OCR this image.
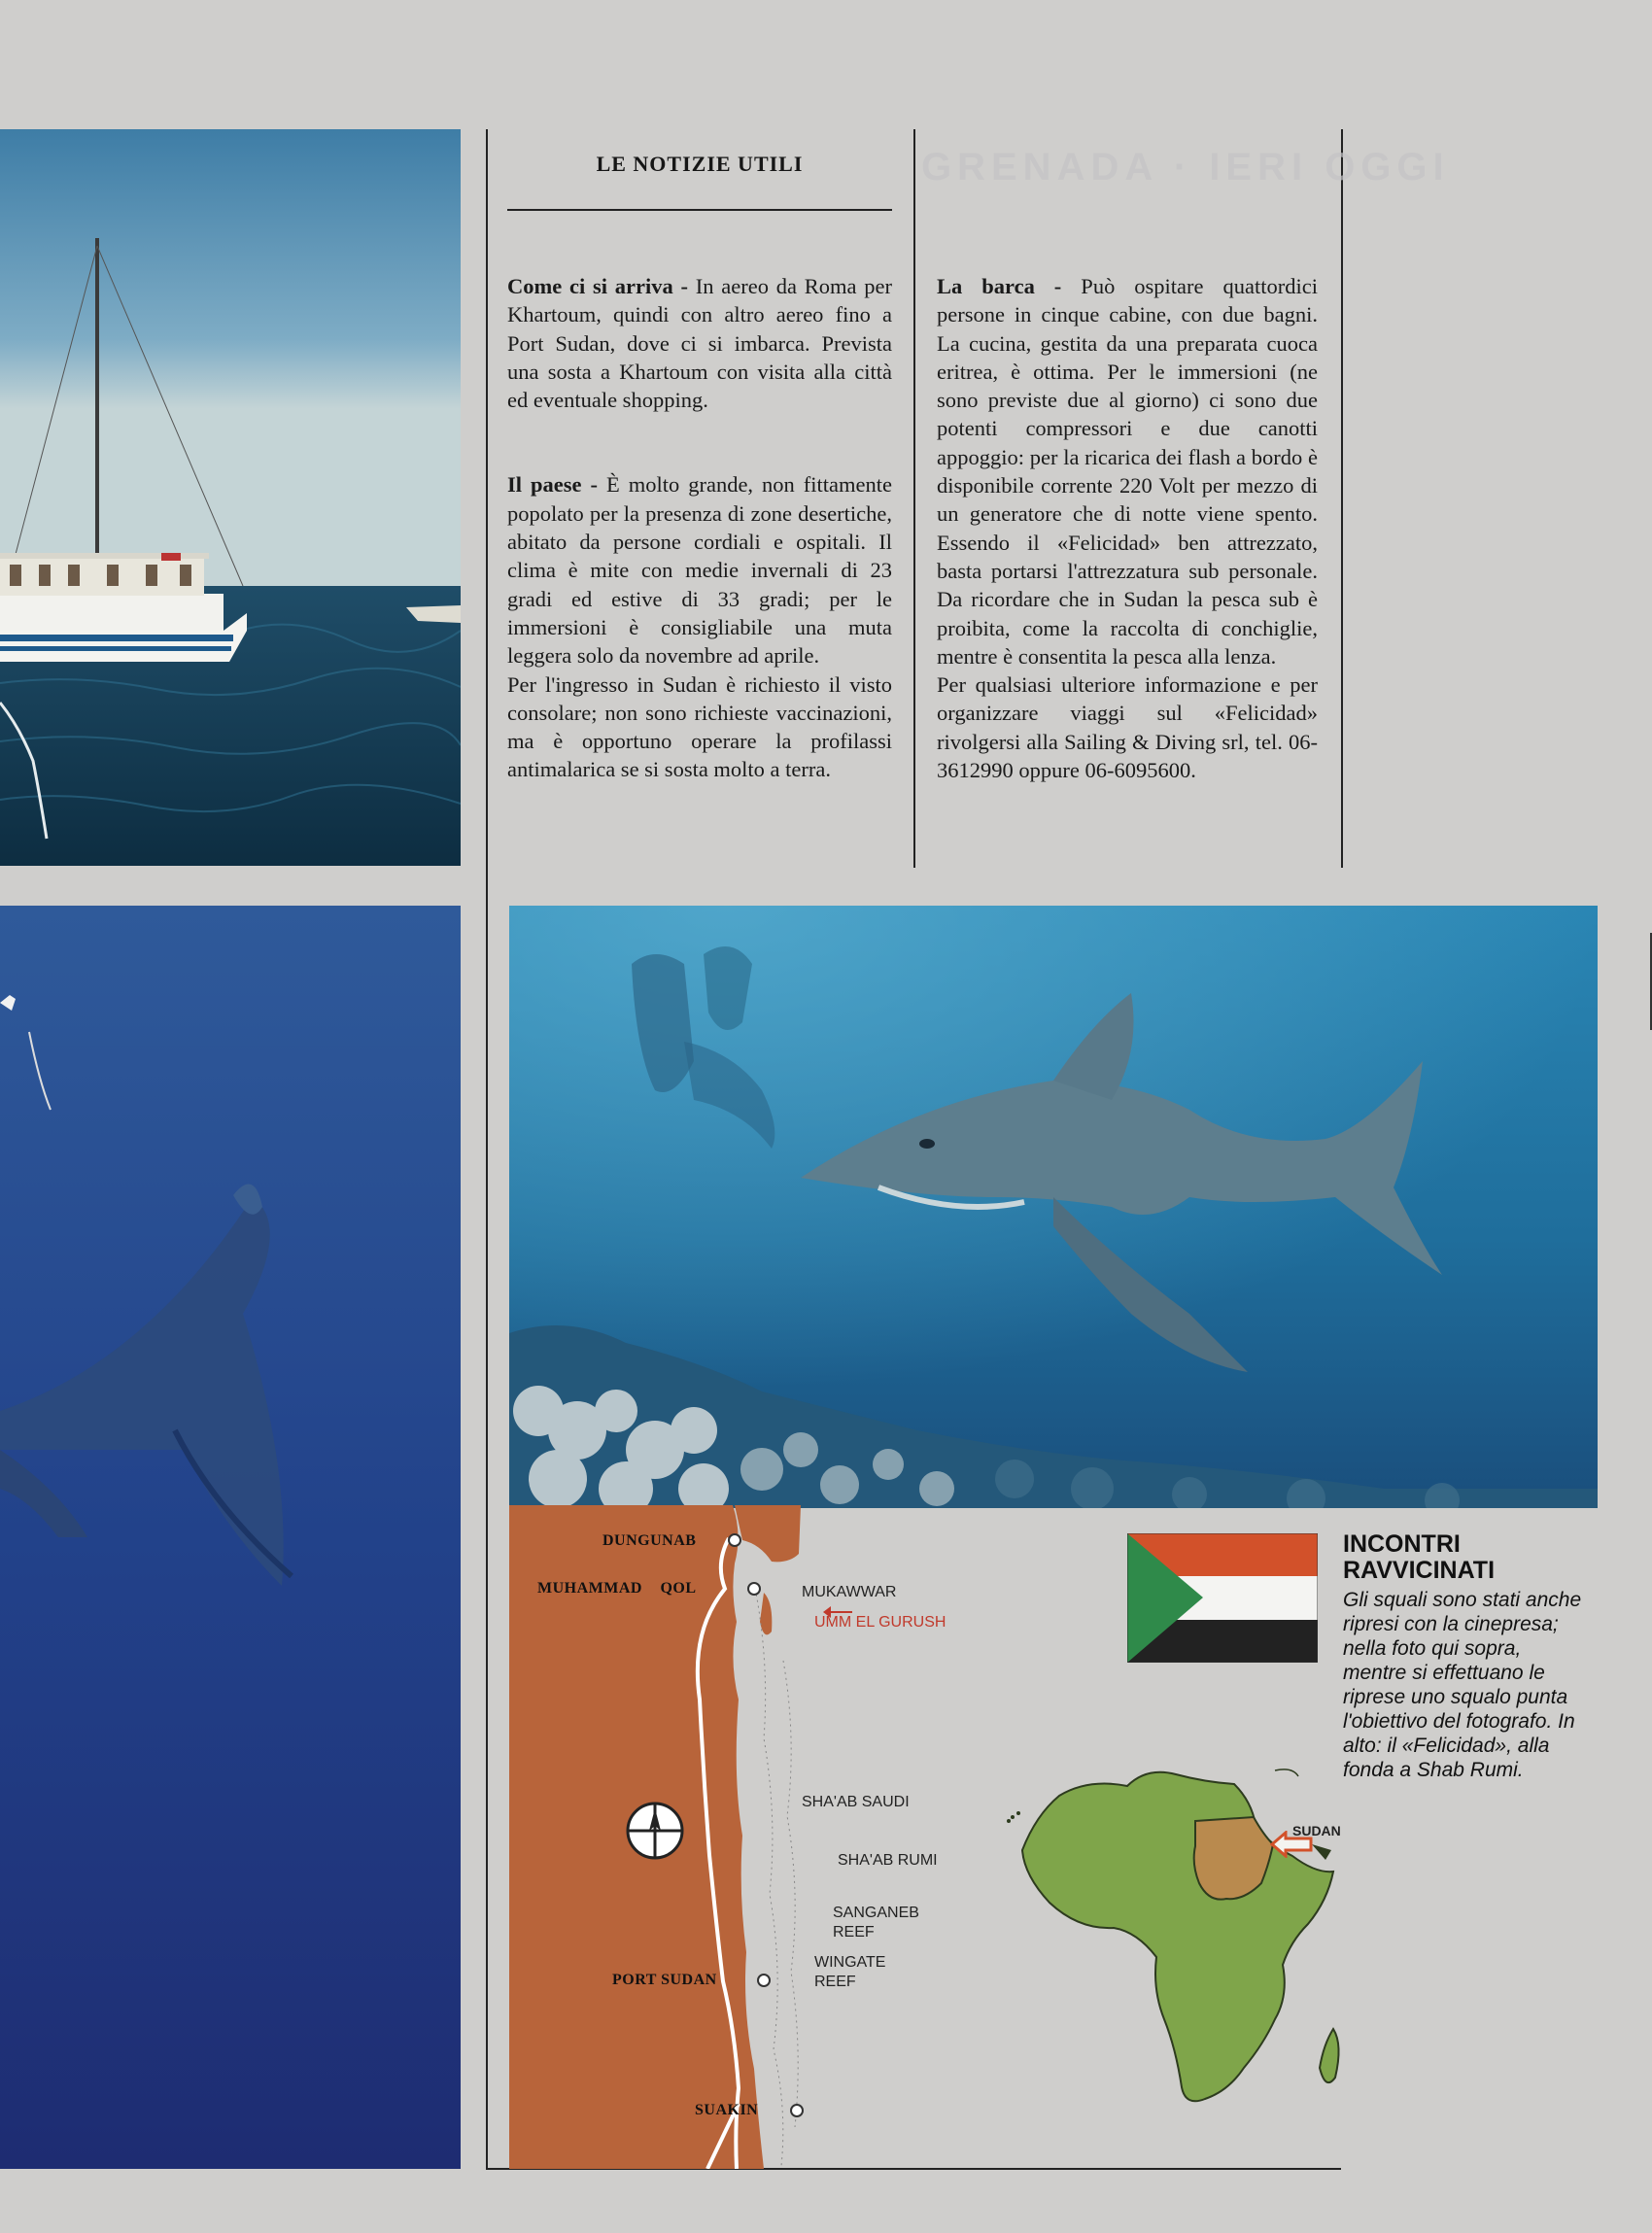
LE NOTIZIE UTILI	GRENADA · IERI OGGI

Come ci si arriva - In aereo da Roma per Khartoum, quindi con altro aereo fino a Port Sudan, dove ci si imbarca. Prevista una sosta a Khartoum con visita alla città ed eventuale shopping.

Il paese - È molto grande, non fittamente popolato per la presenza di zone desertiche, abitato da persone cordiali e ospitali. Il clima è mite con medie invernali di 23 gradi ed estive di 33 gradi; per le immersioni è consigliabile una muta leggera solo da novembre ad aprile.

Per l'ingresso in Sudan è richiesto il visto consolare; non sono richieste vaccinazioni, ma è opportuno operare la profilassi antimalarica se si sosta molto a terra.

La barca - Può ospitare quattordici persone in cinque cabine, con due bagni. La cucina, gestita da una preparata cuoca eritrea, è ottima. Per le immersioni (ne sono previste due al giorno) ci sono due potenti compressori e due canotti appoggio: per la ricarica dei flash a bordo è disponibile corrente 220 Volt per mezzo di un generatore che di notte viene spento. Essendo il «Felicidad» ben attrezzato, basta portarsi l'attrezzatura sub personale. Da ricordare che in Sudan la pesca sub è proibita, come la raccolta di conchiglie, mentre è consentita la pesca alla lenza.

Per qualsiasi ulteriore informazione e per organizzare viaggi sul «Felicidad» rivolgersi alla Sailing & Diving srl, tel. 06-3612990 oppure 06-6095600.

DUNGUNAB
MUHAMMAD QOL
PORT SUDAN
SUAKIN
MUKAWWAR
UMM EL GURUSH
SHA'AB SAUDI
SHA'AB RUMI
SANGANEB
REEF
WINGATE
REEF
SUDAN
INCONTRI
RAVVICINATI
Gli squali sono stati anche ripresi con la cinepresa; nella foto qui sopra, mentre si effettuano le riprese uno squalo punta l'obiettivo del fotografo. In alto: il «Felicidad», alla fonda a Shab Rumi.
